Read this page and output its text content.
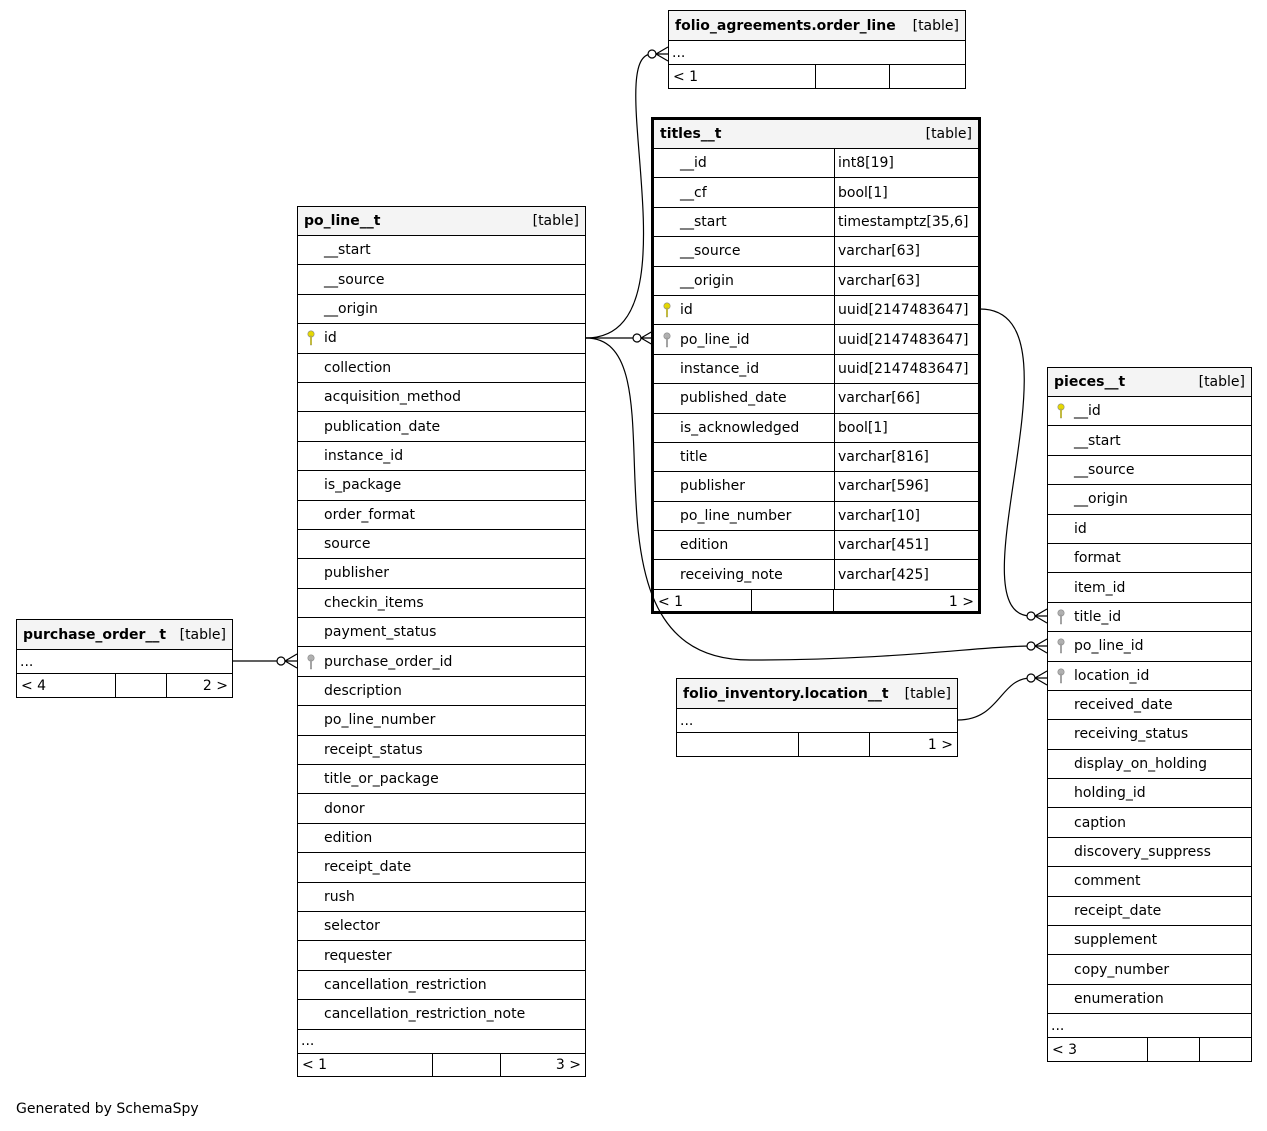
folio_agreements.order_line [table]
...
< 1
titles__t	[table]
__id	int8[19]
__cf	bool[1]
__start	timestamptz[35,6]
__source	varchar[63]
__origin	varchar[63]
id	uuid[2147483647]
po_line_id	uuid[2147483647]
instance_id	uuid[2147483647]
published_date	varchar[66]
is_acknowledged	bool[1]
title	varchar[816]
publisher	varchar[596]
po_line_number	varchar[10]
edition	varchar[451]
receiving_note	varchar[425]
< 1	1 >
po_line__t	[table]
__start
__source
__origin
id
collection
acquisition_method
publication_date
instance_id
is_package
order_format
source
publisher
checkin_items
payment_status
purchase_order_id
description
po_line_number
receipt_status
title_or_package
donor
edition
receipt_date
rush
selector
requester
cancellation_restriction
cancellation_restriction_note
...
< 1	3 >
purchase_order__t [table]
...
< 4	2 >
pieces__t	[table]
__id
__start
__source
__origin
id
format
item_id
title_id
po_line_id
location_id
received_date
receiving_status
display_on_holding
holding_id
caption
discovery_suppress
comment
receipt_date
supplement
copy_number
enumeration
...
< 3
folio_inventory.location__t [table]
...
1 >
Generated by SchemaSpy
